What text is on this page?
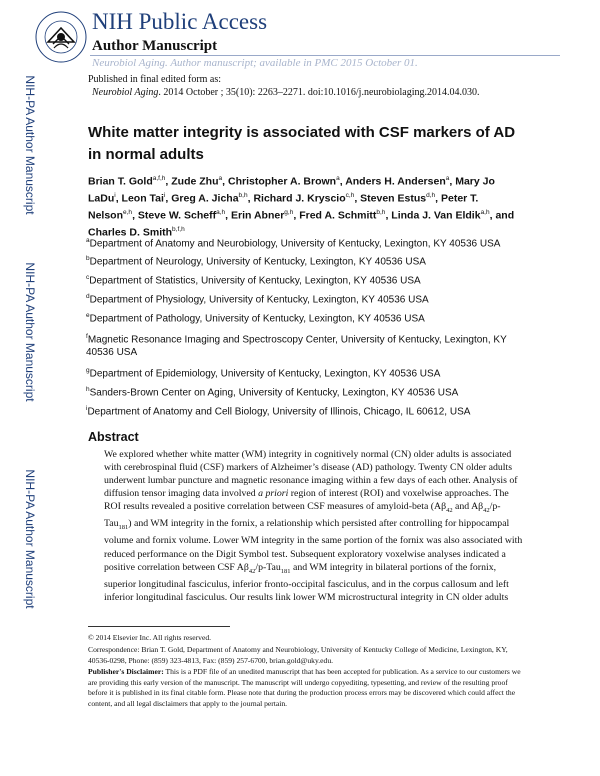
NIH-PA Author Manuscript
NIH-PA Author Manuscript
NIH-PA Author Manuscript
NIH Public Access
Author Manuscript
Neurobiol Aging. Author manuscript; available in PMC 2015 October 01.
Published in final edited form as:
Neurobiol Aging. 2014 October ; 35(10): 2263–2271. doi:10.1016/j.neurobiolaging.2014.04.030.
White matter integrity is associated with CSF markers of AD in normal adults
Brian T. Gold$^{a,f,h}$, Zude Zhu$^a$, Christopher A. Brown$^a$, Anders H. Andersen$^a$, Mary Jo LaDu$^i$, Leon Tai$^i$, Greg A. Jicha$^{b,h}$, Richard J. Kryscio$^{c,h}$, Steven Estus$^{d,h}$, Peter T. Nelson$^{e,h}$, Steve W. Scheff$^{a,h}$, Erin Abner$^{g,h}$, Fred A. Schmitt$^{b,h}$, Linda J. Van Eldik$^{a,h}$, and Charles D. Smith$^{b,f,h}$
$^a$Department of Anatomy and Neurobiology, University of Kentucky, Lexington, KY 40536 USA
$^b$Department of Neurology, University of Kentucky, Lexington, KY 40536 USA
$^c$Department of Statistics, University of Kentucky, Lexington, KY 40536 USA
$^d$Department of Physiology, University of Kentucky, Lexington, KY 40536 USA
$^e$Department of Pathology, University of Kentucky, Lexington, KY 40536 USA
$^f$Magnetic Resonance Imaging and Spectroscopy Center, University of Kentucky, Lexington, KY 40536 USA
$^g$Department of Epidemiology, University of Kentucky, Lexington, KY 40536 USA
$^h$Sanders-Brown Center on Aging, University of Kentucky, Lexington, KY 40536 USA
$^i$Department of Anatomy and Cell Biology, University of Illinois, Chicago, IL 60612, USA
Abstract
We explored whether white matter (WM) integrity in cognitively normal (CN) older adults is associated with cerebrospinal fluid (CSF) markers of Alzheimer’s disease (AD) pathology. Twenty CN older adults underwent lumbar puncture and magnetic resonance imaging within a few days of each other. Analysis of diffusion tensor imaging data involved a priori region of interest (ROI) and voxelwise approaches. The ROI results revealed a positive correlation between CSF measures of amyloid-beta ($A\beta_{42}$ and $A\beta_{42}/p-Tau_{181}$) and WM integrity in the fornix, a relationship which persisted after controlling for hippocampal volume and fornix volume. Lower WM integrity in the same portion of the fornix was also associated with reduced performance on the Digit Symbol test. Subsequent exploratory voxelwise analyses indicated a positive correlation between CSF $A\beta_{42}/p-Tau_{181}$ and WM integrity in bilateral portions of the fornix, superior longitudinal fasciculus, inferior fronto-occipital fasciculus, and in the corpus callosum and left inferior longitudinal fasciculus. Our results link lower WM microstructural integrity in CN older adults
© 2014 Elsevier Inc. All rights reserved.
Correspondence: Brian T. Gold, Department of Anatomy and Neurobiology, University of Kentucky College of Medicine, Lexington, KY, 40536-0298, Phone: (859) 323-4813, Fax: (859) 257-6700, brian.gold@uky.edu.
Publisher's Disclaimer: This is a PDF file of an unedited manuscript that has been accepted for publication. As a service to our customers we are providing this early version of the manuscript. The manuscript will undergo copyediting, typesetting, and review of the resulting proof before it is published in its final citable form. Please note that during the production process errors may be discovered which could affect the content, and all legal disclaimers that apply to the journal pertain.
